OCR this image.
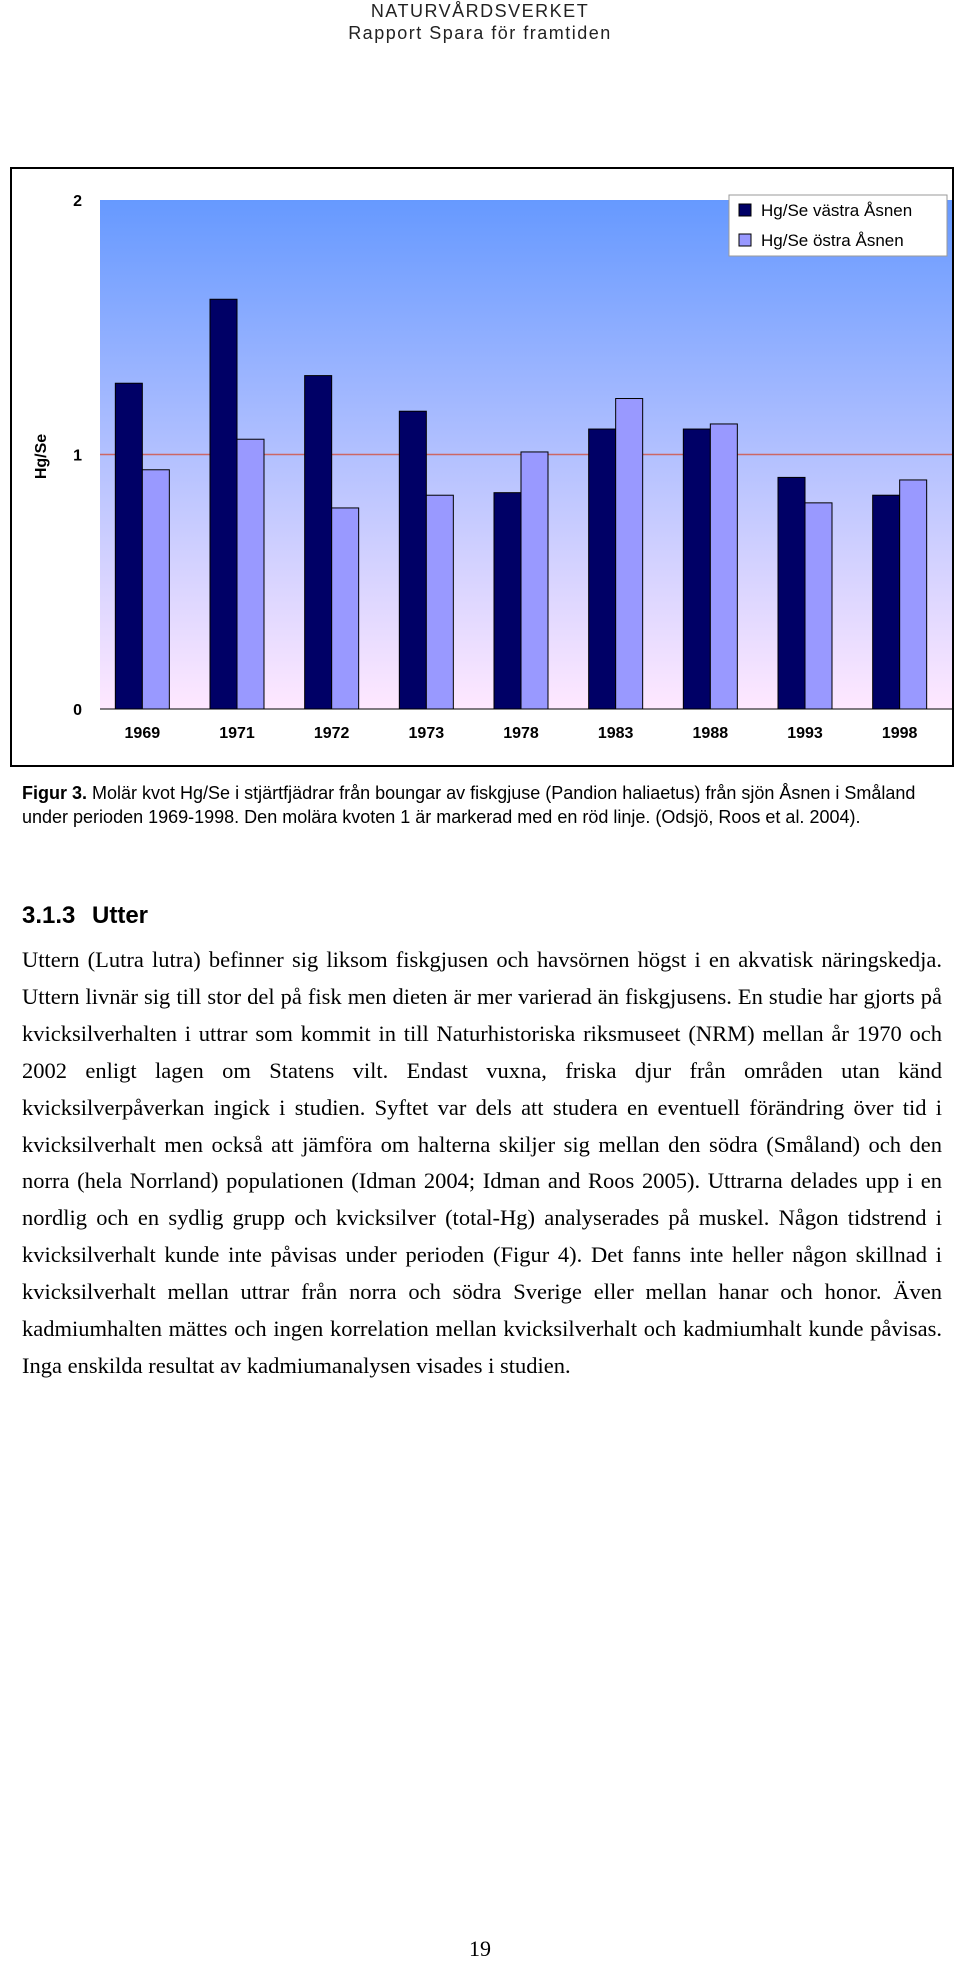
NATURVÅRDSVERKET
Rapport Spara för framtiden
1969	1971	1972	1973	1978	1983	1988	1993	1998
0
1
2
Hg/Se
Hg/Se västra Åsnen
Hg/Se östra Åsnen
Figur 3. Molär kvot Hg/Se i stjärtfjädrar från boungar av fiskgjuse (Pandion haliaetus) från sjön Åsnen i Småland under perioden 1969-1998. Den molära kvoten 1 är markerad med en röd linje. (Odsjö, Roos et al. 2004).
3.1.3 Utter
Uttern (Lutra lutra) befinner sig liksom fiskgjusen och havsörnen högst i en akvatisk näringskedja. Uttern livnär sig till stor del på fisk men dieten är mer varierad än fiskgjusens. En studie har gjorts på kvicksilverhalten i uttrar som kommit in till Naturhistoriska riksmuseet (NRM) mellan år 1970 och 2002 enligt lagen om Statens vilt. Endast vuxna, friska djur från områden utan känd kvicksilverpåverkan ingick i studien. Syftet var dels att studera en eventuell förändring över tid i kvicksilverhalt men också att jämföra om halterna skiljer sig mellan den södra (Småland) och den norra (hela Norrland) populationen (Idman 2004; Idman and Roos 2005). Uttrarna delades upp i en nordlig och en sydlig grupp och kvicksilver (total-Hg) analyserades på muskel. Någon tidstrend i kvicksilverhalt kunde inte påvisas under perioden (Figur 4). Det fanns inte heller någon skillnad i kvicksilverhalt mellan uttrar från norra och södra Sverige eller mellan hanar och honor. Även kadmiumhalten mättes och ingen korrelation mellan kvicksilverhalt och kadmiumhalt kunde påvisas. Inga enskilda resultat av kadmiumanalysen visades i studien.
19
